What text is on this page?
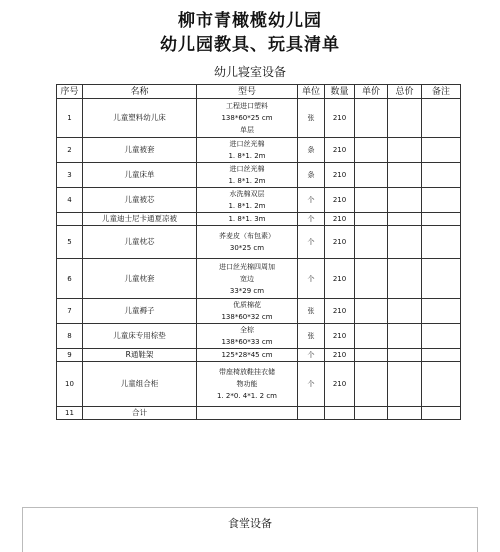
柳市青橄榄幼儿园
幼儿园教具、玩具清单
幼儿寝室设备
序号	名称	型号	单位	数量	单价	总价	备注
1	儿童塑料幼儿床	工程进口塑料
138*60*25 cm
单层	张	210			
2	儿童被套	进口丝光棉
1. 8*1. 2m	条	210			
3	儿童床单	进口丝光棉
1. 8*1. 2m	条	210			
4	儿童被芯	水洗棉双层
1. 8*1. 2m	个	210			
	儿童迪士尼卡通夏凉被	1. 8*1. 3m	个	210			
5	儿童枕芯	荞麦皮（布包素）
30*25 cm	个	210			
6	儿童枕套	进口丝光棉四周加
宽边
33*29 cm	个	210			
7	儿童褥子	优质棉花
138*60*32 cm	张	210			
8	儿童床专用棕垫	全棕
138*60*33 cm	张	210			
9	R通鞋架	125*28*45 cm	个	210			
10	儿童组合柜	带座椅放鞋挂衣储
物功能
1. 2*0. 4*1. 2 cm	个	210			
11	合计						
食堂设备
